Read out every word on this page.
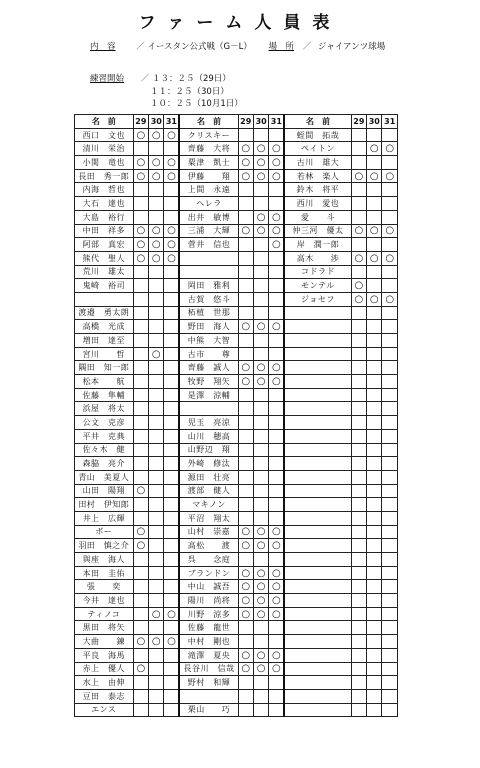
ファーム人員表
内　容 ／ イースタン公式戦（G－L） 場　所 ／ ジャイアンツ球場
練習開始 ／ １３：２５（29日）
１１：２５（30日）
１０：２５（10月1日）
名　前	29	30	31	名　前	29	30	31	名　前	29	30	31
西口　文也	○	○	○	クリスキー				蛭間　拓哉			
清川　栄治				齊藤　大将	○	○	○	ペイトン		○	○
小関　竜也	○	○	○	粟津　凱士	○	○	○	古川　雄大			
長田　秀一郎	○	○	○	伊藤　　翔	○	○	○	若林　楽人	○	○	○
内海　哲也				上間　永遠				鈴木　将平			
大石　達也				ヘレラ				西川　愛也			
大島　裕行				出井　敏博		○	○	愛　　斗			
中田　祥多	○	○	○	三浦　大輝	○	○	○	仲三河　優太	○	○	○
阿部　真宏	○	○	○	菅井　信也			○	岸　潤一郎			
熊代　聖人	○	○	○					高木　　渉	○	○	○
荒川　雄太								コドラド			
鬼崎　裕司				岡田　雅利				モンテル	○		
				古賀　悠斗				ジョセフ	○	○	○
渡邉　勇太朗				柘植　世那							
高橋　光成				野田　海人	○	○	○				
増田　達至				中熊　大智							
宮川　　哲		○		古市　　尊							
隅田　知一郎				齊藤　誠人	○	○	○				
松本　　航				牧野　翔矢	○	○	○				
佐藤　隼輔				是澤　涼輔							
浜屋　将太											
公文　克彦				児玉　亮涼							
平井　克典				山川　穂高							
佐々木　健				山野辺　翔							
森脇　亮介				外崎　修汰							
青山　美夏人				源田　壮亮							
山田　陽翔	○			渡部　健人							
田村　伊知郎				マキノン							
井上　広輝				平沼　翔太							
ボー	○			山村　崇嘉	○	○	○				
羽田　慎之介	○			高松　　渡	○	○	○				
與座　海人				呉　　念庭							
本田　圭佑				ブランドン	○	○	○				
張　　奕				中山　誠吾	○	○	○				
今井　達也				陽川　尚将	○	○	○				
ティノコ		○	○	川野　涼多	○	○	○				
黒田　将矢				佐藤　龍世							
大曲　　錬	○	○	○	中村　剛也							
平良　海馬				滝澤　夏央	○	○	○				
赤上　優人	○			長谷川　信哉	○	○	○				
水上　由伸				野村　和輝							
豆田　泰志											
エンス				栗山　　巧							
